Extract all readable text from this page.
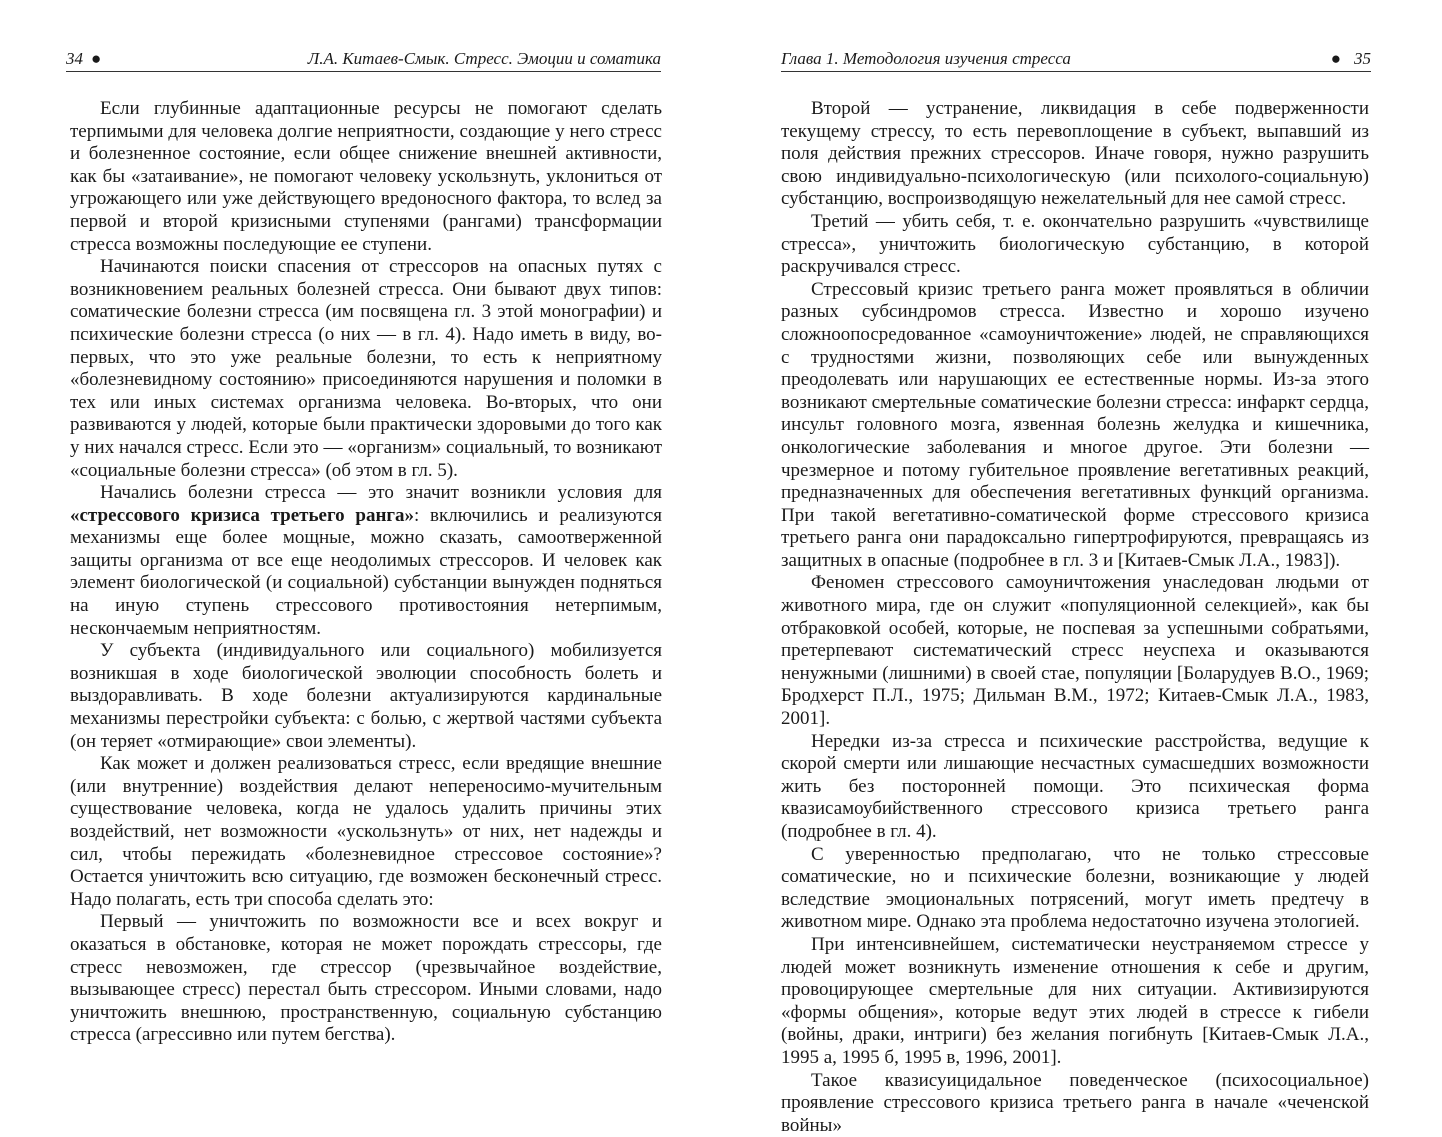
34 ●	Л.А. Китаев-Смык. Стресс. Эмоции и соматика

Если глубинные адаптационные ресурсы не помогают сделать терпимыми для человека долгие неприятности, создающие у него стресс и болезненное состояние, если общее снижение внешней активности, как бы «затаивание», не помогают человеку ускользнуть, уклониться от угрожающего или уже действующего вредоносного фактора, то вслед за первой и второй кризисными ступенями (рангами) трансформации стресса возможны последующие ее ступени.

Начинаются поиски спасения от стрессоров на опасных путях с возникновением реальных болезней стресса. Они бывают двух типов: соматические болезни стресса (им посвящена гл. 3 этой монографии) и психические болезни стресса (о них — в гл. 4). Надо иметь в виду, во-первых, что это уже реальные болезни, то есть к неприятному «болезневидному состоянию» присоединяются нарушения и поломки в тех или иных системах организма человека. Во-вторых, что они развиваются у людей, которые были практически здоровыми до того как у них начался стресс. Если это — «организм» социальный, то возникают «социальные болезни стресса» (об этом в гл. 5).

Начались болезни стресса — это значит возникли условия для «стрессового кризиса третьего ранга»: включились и реализуются механизмы еще более мощные, можно сказать, самоотверженной защиты организма от все еще неодолимых стрессоров. И человек как элемент биологической (и социальной) субстанции вынужден подняться на иную ступень стрессового противостояния нетерпимым, нескончаемым неприятностям.

У субъекта (индивидуального или социального) мобилизуется возникшая в ходе биологической эволюции способность болеть и выздоравливать. В ходе болезни актуализируются кардинальные механизмы перестройки субъекта: с болью, с жертвой частями субъекта (он теряет «отмирающие» свои элементы).

Как может и должен реализоваться стресс, если вредящие внешние (или внутренние) воздействия делают непереносимо-мучительным существование человека, когда не удалось удалить причины этих воздействий, нет возможности «ускользнуть» от них, нет надежды и сил, чтобы пережидать «болезневидное стрессовое состояние»? Остается уничтожить всю ситуацию, где возможен бесконечный стресс. Надо полагать, есть три способа сделать это:

Первый — уничтожить по возможности все и всех вокруг и оказаться в обстановке, которая не может порождать стрессоры, где стресс невозможен, где стрессор (чрезвычайное воздействие, вызывающее стресс) перестал быть стрессором. Иными словами, надо уничтожить внешнюю, пространственную, социальную субстанцию стресса (агрессивно или путем бегства).

Глава 1. Методология изучения стресса	● 35

Второй — устранение, ликвидация в себе подверженности текущему стрессу, то есть перевоплощение в субъект, выпавший из поля действия прежних стрессоров. Иначе говоря, нужно разрушить свою индивидуально-психологическую (или психолого-социальную) субстанцию, воспроизводящую нежелательный для нее самой стресс.

Третий — убить себя, т. е. окончательно разрушить «чувствилище стресса», уничтожить биологическую субстанцию, в которой раскручивался стресс.

Стрессовый кризис третьего ранга может проявляться в обличии разных субсиндромов стресса. Известно и хорошо изучено сложноопосредованное «самоуничтожение» людей, не справляющихся с трудностями жизни, позволяющих себе или вынужденных преодолевать или нарушающих ее естественные нормы. Из-за этого возникают смертельные соматические болезни стресса: инфаркт сердца, инсульт головного мозга, язвенная болезнь желудка и кишечника, онкологические заболевания и многое другое. Эти болезни — чрезмерное и потому губительное проявление вегетативных реакций, предназначенных для обеспечения вегетативных функций организма. При такой вегетативно-соматической форме стрессового кризиса третьего ранга они парадоксально гипертрофируются, превращаясь из защитных в опасные (подробнее в гл. 3 и [Китаев-Смык Л.А., 1983]).

Феномен стрессового самоуничтожения унаследован людьми от животного мира, где он служит «популяционной селекцией», как бы отбраковкой особей, которые, не поспевая за успешными собратьями, претерпевают систематический стресс неуспеха и оказываются ненужными (лишними) в своей стае, популяции [Боларудуев В.О., 1969; Бродхерст П.Л., 1975; Дильман В.М., 1972; Китаев-Смык Л.А., 1983, 2001].

Нередки из-за стресса и психические расстройства, ведущие к скорой смерти или лишающие несчастных сумасшедших возможности жить без посторонней помощи. Это психическая форма квазисамоубийственного стрессового кризиса третьего ранга (подробнее в гл. 4).

С уверенностью предполагаю, что не только стрессовые соматические, но и психические болезни, возникающие у людей вследствие эмоциональных потрясений, могут иметь предтечу в животном мире. Однако эта проблема недостаточно изучена этологией.

При интенсивнейшем, систематически неустраняемом стрессе у людей может возникнуть изменение отношения к себе и другим, провоцирующее смертельные для них ситуации. Активизируются «формы общения», которые ведут этих людей в стрессе к гибели (войны, драки, интриги) без желания погибнуть [Китаев-Смык Л.А., 1995 а, 1995 б, 1995 в, 1996, 2001].

Такое квазисуицидальное поведенческое (психосоциальное) проявление стрессового кризиса третьего ранга в начале «чеченской войны»
